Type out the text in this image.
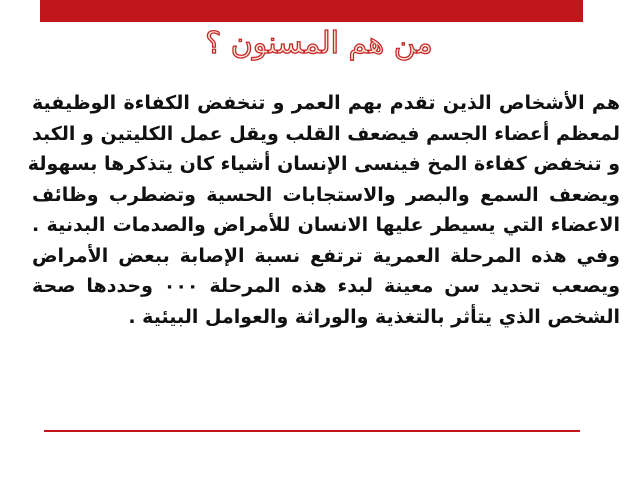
من هم المسنون ؟
هم الأشخاص الذين تقدم بهم العمر و تنخفض الكفاءة الوظيفية
لمعظم أعضاء الجسم فيضعف القلب ويقل عمل الكليتين و الكبد
و تنخفض كفاءة المخ فينسى الإنسان أشياء كان يتذكرها بسهولة
ويضعف السمع والبصر والاستجابات الحسية وتضطرب وظائف
الاعضاء التي يسيطر عليها الانسان للأمراض والصدمات البدنية .
وفي هذه المرحلة العمرية ترتفع نسبة الإصابة ببعض الأمراض
ويصعب تحديد سن معينة لبدء هذه المرحلة ٠٠٠ وحددها صحة
الشخص الذي يتأثر بالتغذية والوراثة والعوامل البيئية .
